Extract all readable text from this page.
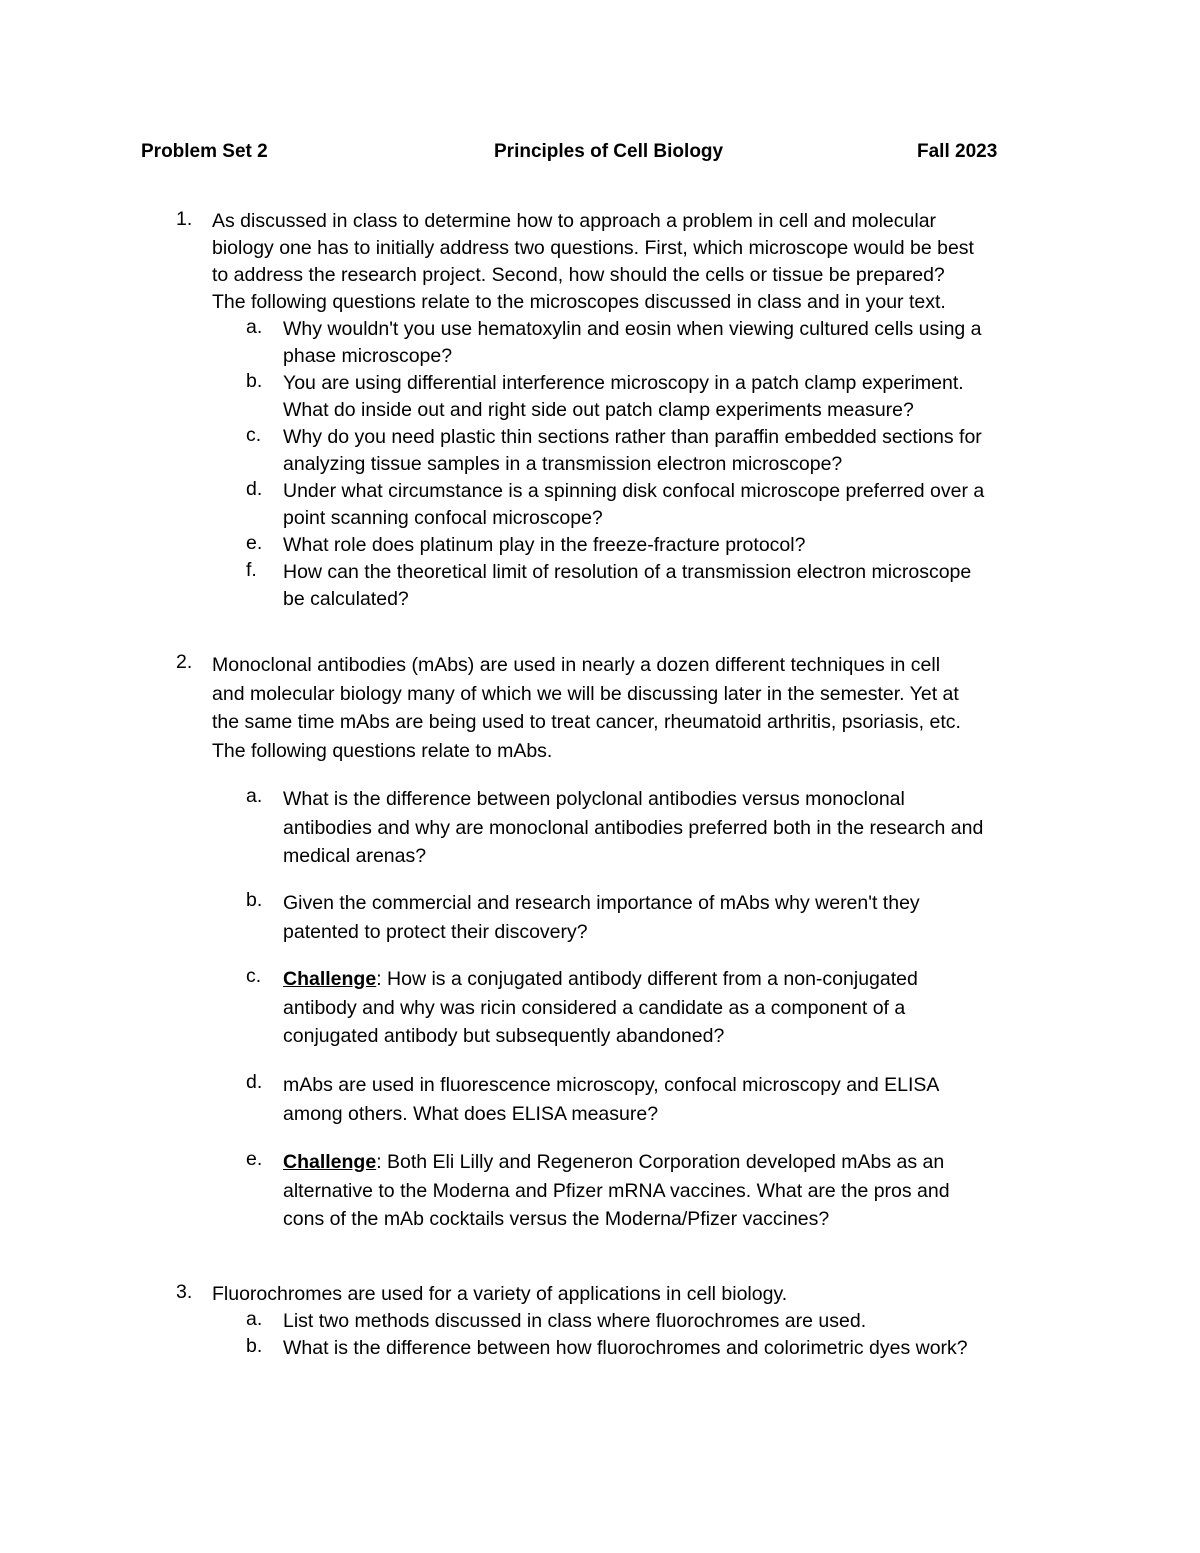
Problem Set 2	Principles of Cell Biology	Fall 2023
1. As discussed in class to determine how to approach a problem in cell and molecular
biology one has to initially address two questions. First, which microscope would be best
to address the research project. Second, how should the cells or tissue be prepared?
The following questions relate to the microscopes discussed in class and in your text.
a. Why wouldn't you use hematoxylin and eosin when viewing cultured cells using a
phase microscope?
b. You are using differential interference microscopy in a patch clamp experiment.
What do inside out and right side out patch clamp experiments measure?
c. Why do you need plastic thin sections rather than paraffin embedded sections for
analyzing tissue samples in a transmission electron microscope?
d. Under what circumstance is a spinning disk confocal microscope preferred over a
point scanning confocal microscope?
e. What role does platinum play in the freeze-fracture protocol?
f. How can the theoretical limit of resolution of a transmission electron microscope
be calculated?
2. Monoclonal antibodies (mAbs) are used in nearly a dozen different techniques in cell
and molecular biology many of which we will be discussing later in the semester. Yet at
the same time mAbs are being used to treat cancer, rheumatoid arthritis, psoriasis, etc.
The following questions relate to mAbs.
a. What is the difference between polyclonal antibodies versus monoclonal
antibodies and why are monoclonal antibodies preferred both in the research and
medical arenas?
b. Given the commercial and research importance of mAbs why weren't they
patented to protect their discovery?
c. Challenge: How is a conjugated antibody different from a non-conjugated
antibody and why was ricin considered a candidate as a component of a
conjugated antibody but subsequently abandoned?
d. mAbs are used in fluorescence microscopy, confocal microscopy and ELISA
among others. What does ELISA measure?
e. Challenge: Both Eli Lilly and Regeneron Corporation developed mAbs as an
alternative to the Moderna and Pfizer mRNA vaccines. What are the pros and
cons of the mAb cocktails versus the Moderna/Pfizer vaccines?
3. Fluorochromes are used for a variety of applications in cell biology.
a. List two methods discussed in class where fluorochromes are used.
b. What is the difference between how fluorochromes and colorimetric dyes work?
